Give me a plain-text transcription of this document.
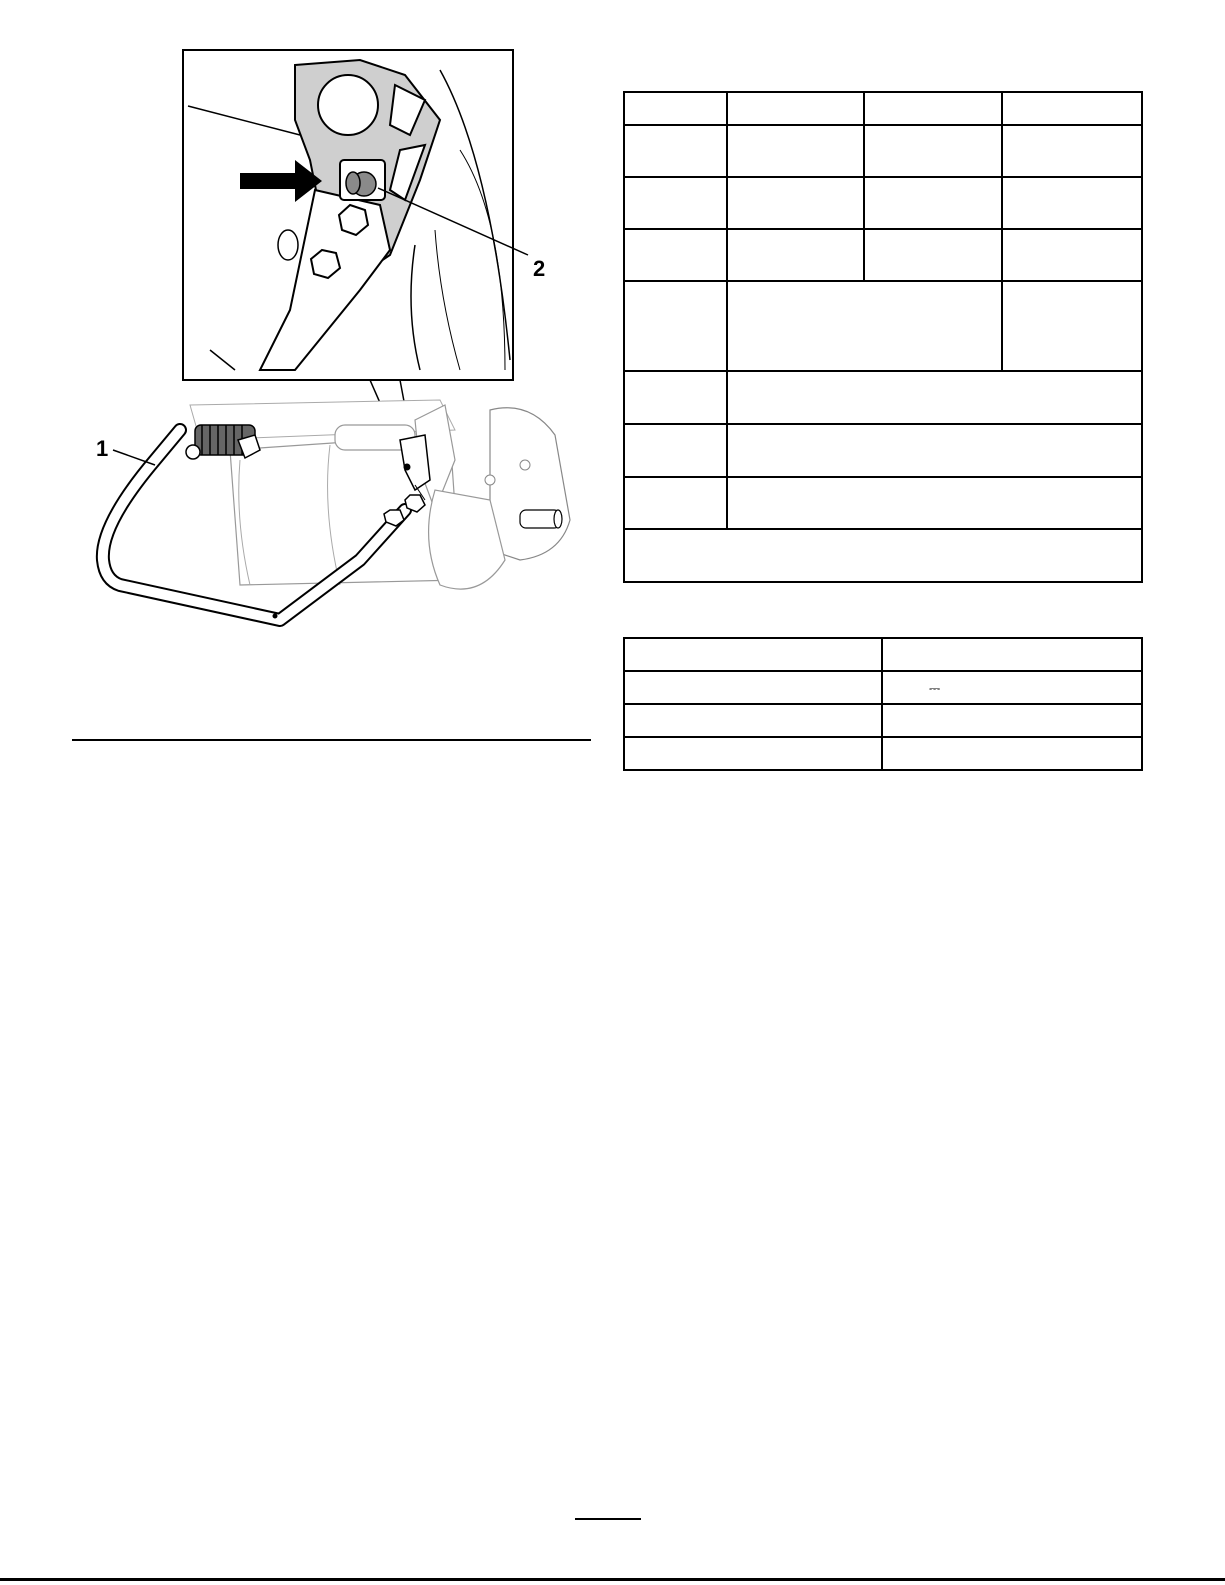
1
2

	⎓
